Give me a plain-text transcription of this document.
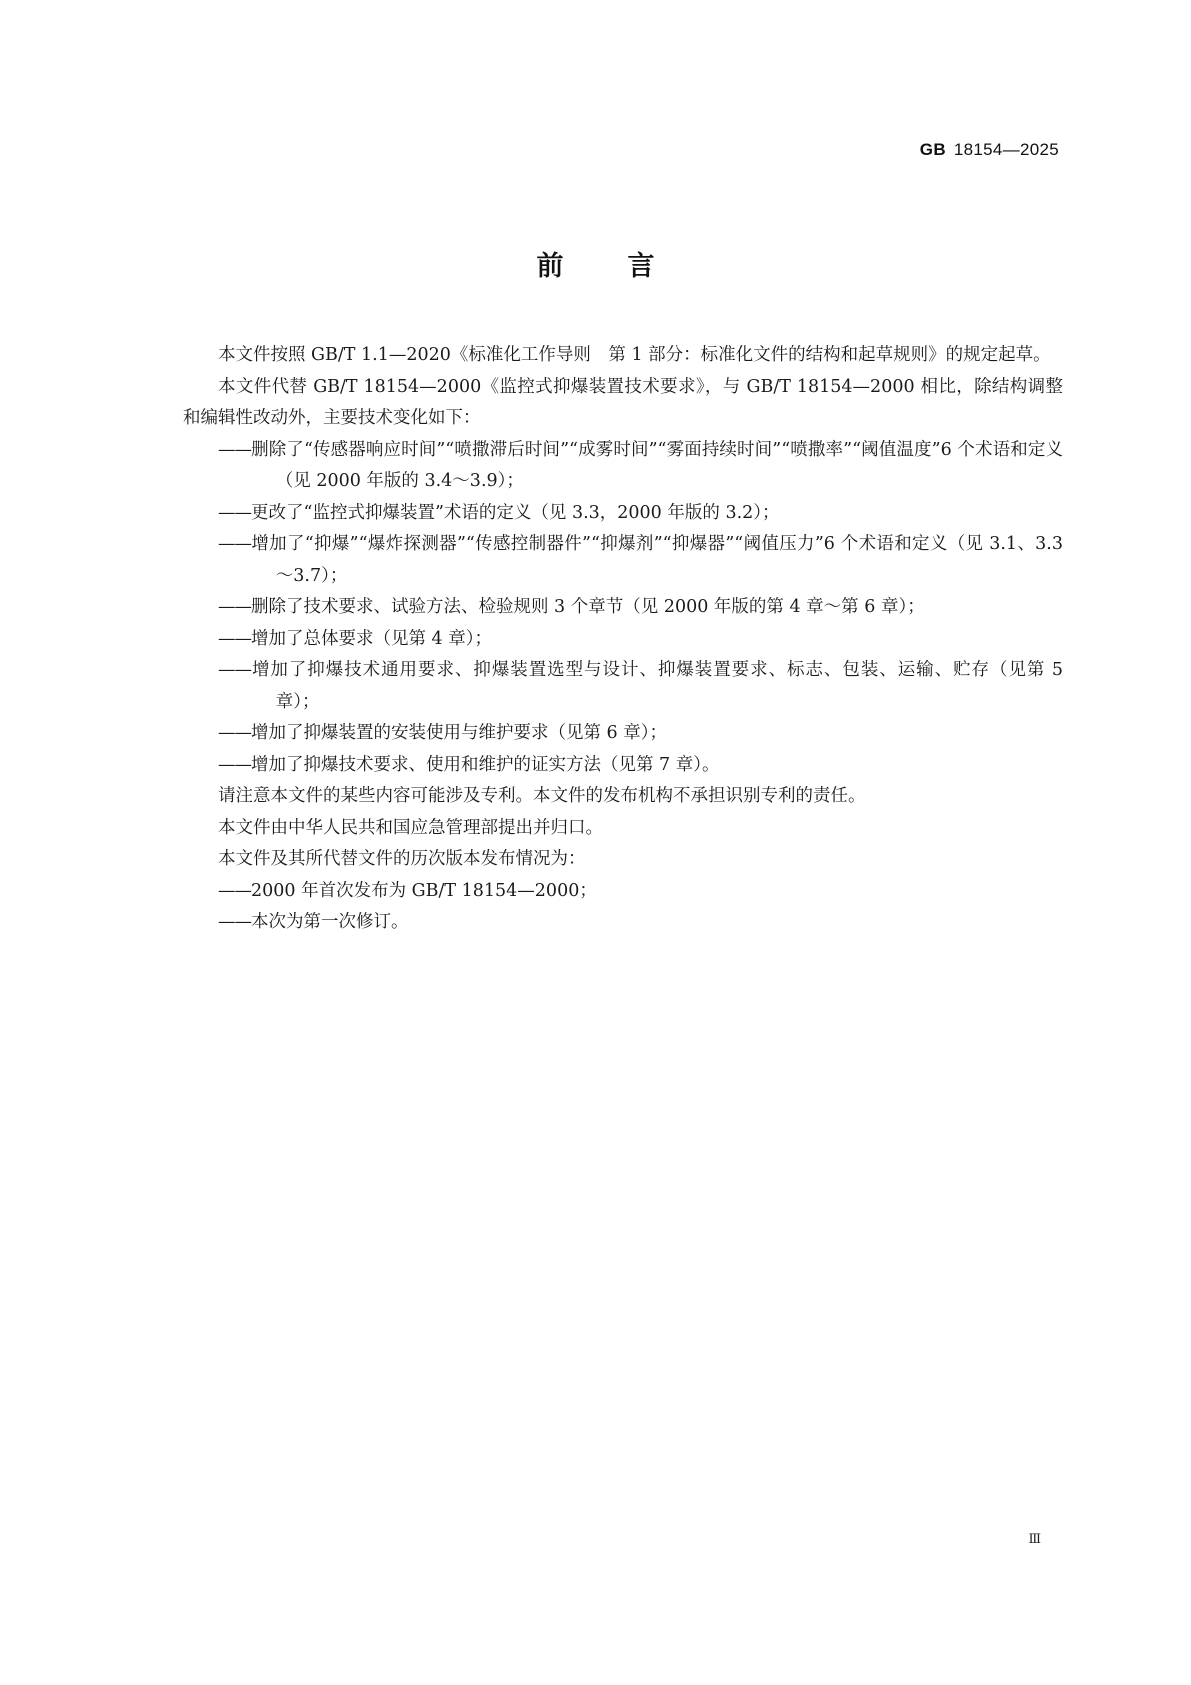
GB 18154—2025
前 言

本文件按照 GB/T 1.1—2020《标准化工作导则　第 1 部分：标准化文件的结构和起草规则》的规定起草。

本文件代替 GB/T 18154—2000《监控式抑爆装置技术要求》，与 GB/T 18154—2000 相比，除结构调整和编辑性改动外，主要技术变化如下：

——删除了“传感器响应时间”“喷撒滞后时间”“成雾时间”“雾面持续时间”“喷撒率”“阈值温度”6 个术语和定义（见 2000 年版的 3.4～3.9）；

——更改了“监控式抑爆装置”术语的定义（见 3.3，2000 年版的 3.2）；

——增加了“抑爆”“爆炸探测器”“传感控制器件”“抑爆剂”“抑爆器”“阈值压力”6 个术语和定义（见 3.1、3.3～3.7）；

——删除了技术要求、试验方法、检验规则 3 个章节（见 2000 年版的第 4 章～第 6 章）；

——增加了总体要求（见第 4 章）；

——增加了抑爆技术通用要求、抑爆装置选型与设计、抑爆装置要求、标志、包装、运输、贮存（见第 5 章）；

——增加了抑爆装置的安装使用与维护要求（见第 6 章）；

——增加了抑爆技术要求、使用和维护的证实方法（见第 7 章）。

请注意本文件的某些内容可能涉及专利。本文件的发布机构不承担识别专利的责任。

本文件由中华人民共和国应急管理部提出并归口。

本文件及其所代替文件的历次版本发布情况为：

——2000 年首次发布为 GB/T 18154—2000；

——本次为第一次修订。

Ⅲ
